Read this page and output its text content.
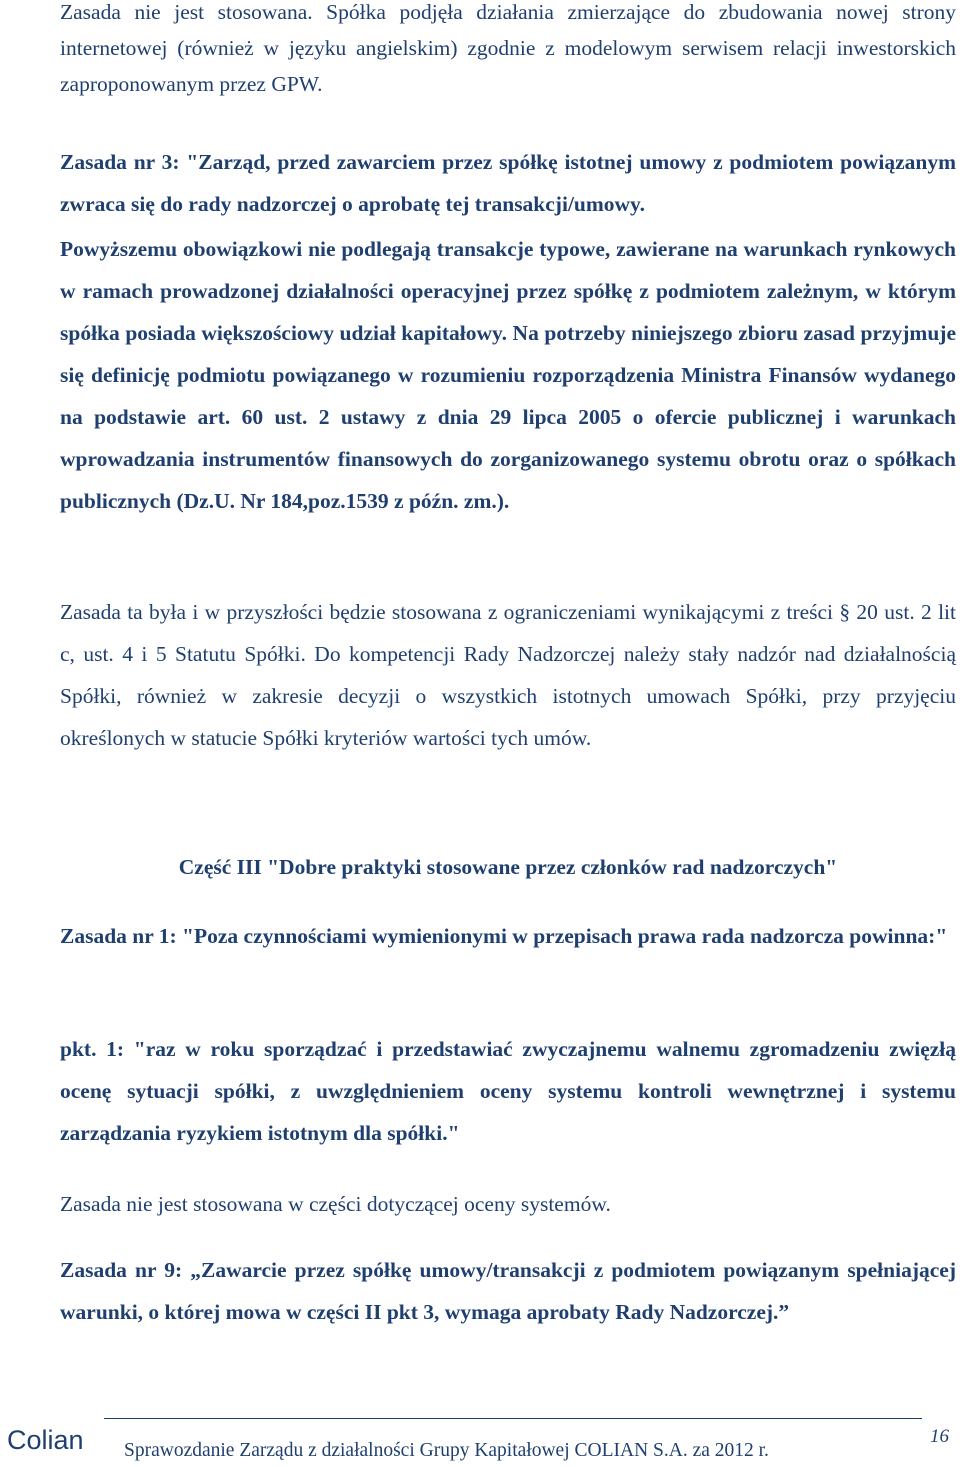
Zasada nie jest stosowana. Spółka podjęła działania zmierzające do zbudowania nowej strony internetowej (również w języku angielskim) zgodnie z modelowym serwisem relacji inwestorskich zaproponowanym przez GPW.

Zasada nr 3: "Zarząd, przed zawarciem przez spółkę istotnej umowy z podmiotem powiązanym zwraca się do rady nadzorczej o aprobatę tej transakcji/umowy.

Powyższemu obowiązkowi nie podlegają transakcje typowe, zawierane na warunkach rynkowych w ramach prowadzonej działalności operacyjnej przez spółkę z podmiotem zależnym, w którym spółka posiada większościowy udział kapitałowy. Na potrzeby niniejszego zbioru zasad przyjmuje się definicję podmiotu powiązanego w rozumieniu rozporządzenia Ministra Finansów wydanego na podstawie art. 60 ust. 2 ustawy z dnia 29 lipca 2005 o ofercie publicznej i warunkach wprowadzania instrumentów finansowych do zorganizowanego systemu obrotu oraz o spółkach publicznych (Dz.U. Nr 184,poz.1539 z późn. zm.).

Zasada ta była i w przyszłości będzie stosowana z ograniczeniami wynikającymi z treści § 20 ust. 2 lit c, ust. 4 i 5 Statutu Spółki. Do kompetencji Rady Nadzorczej należy stały nadzór nad działalnością Spółki, również w zakresie decyzji o wszystkich istotnych umowach Spółki, przy przyjęciu określonych w statucie Spółki kryteriów wartości tych umów.

Część III "Dobre praktyki stosowane przez członków rad nadzorczych"

Zasada nr 1: "Poza czynnościami wymienionymi w przepisach prawa rada nadzorcza powinna:"

pkt. 1: "raz w roku sporządzać i przedstawiać zwyczajnemu walnemu zgromadzeniu zwięzłą ocenę sytuacji spółki, z uwzględnieniem oceny systemu kontroli wewnętrznej i systemu zarządzania ryzykiem istotnym dla spółki."

Zasada nie jest stosowana w części dotyczącej oceny systemów.

Zasada nr 9: „Zawarcie przez spółkę umowy/transakcji z podmiotem powiązanym spełniającej warunki, o której mowa w części II pkt 3, wymaga aprobaty Rady Nadzorczej.”

Colian Sprawozdanie Zarządu z działalności Grupy Kapitałowej COLIAN S.A. za 2012 r.
16
